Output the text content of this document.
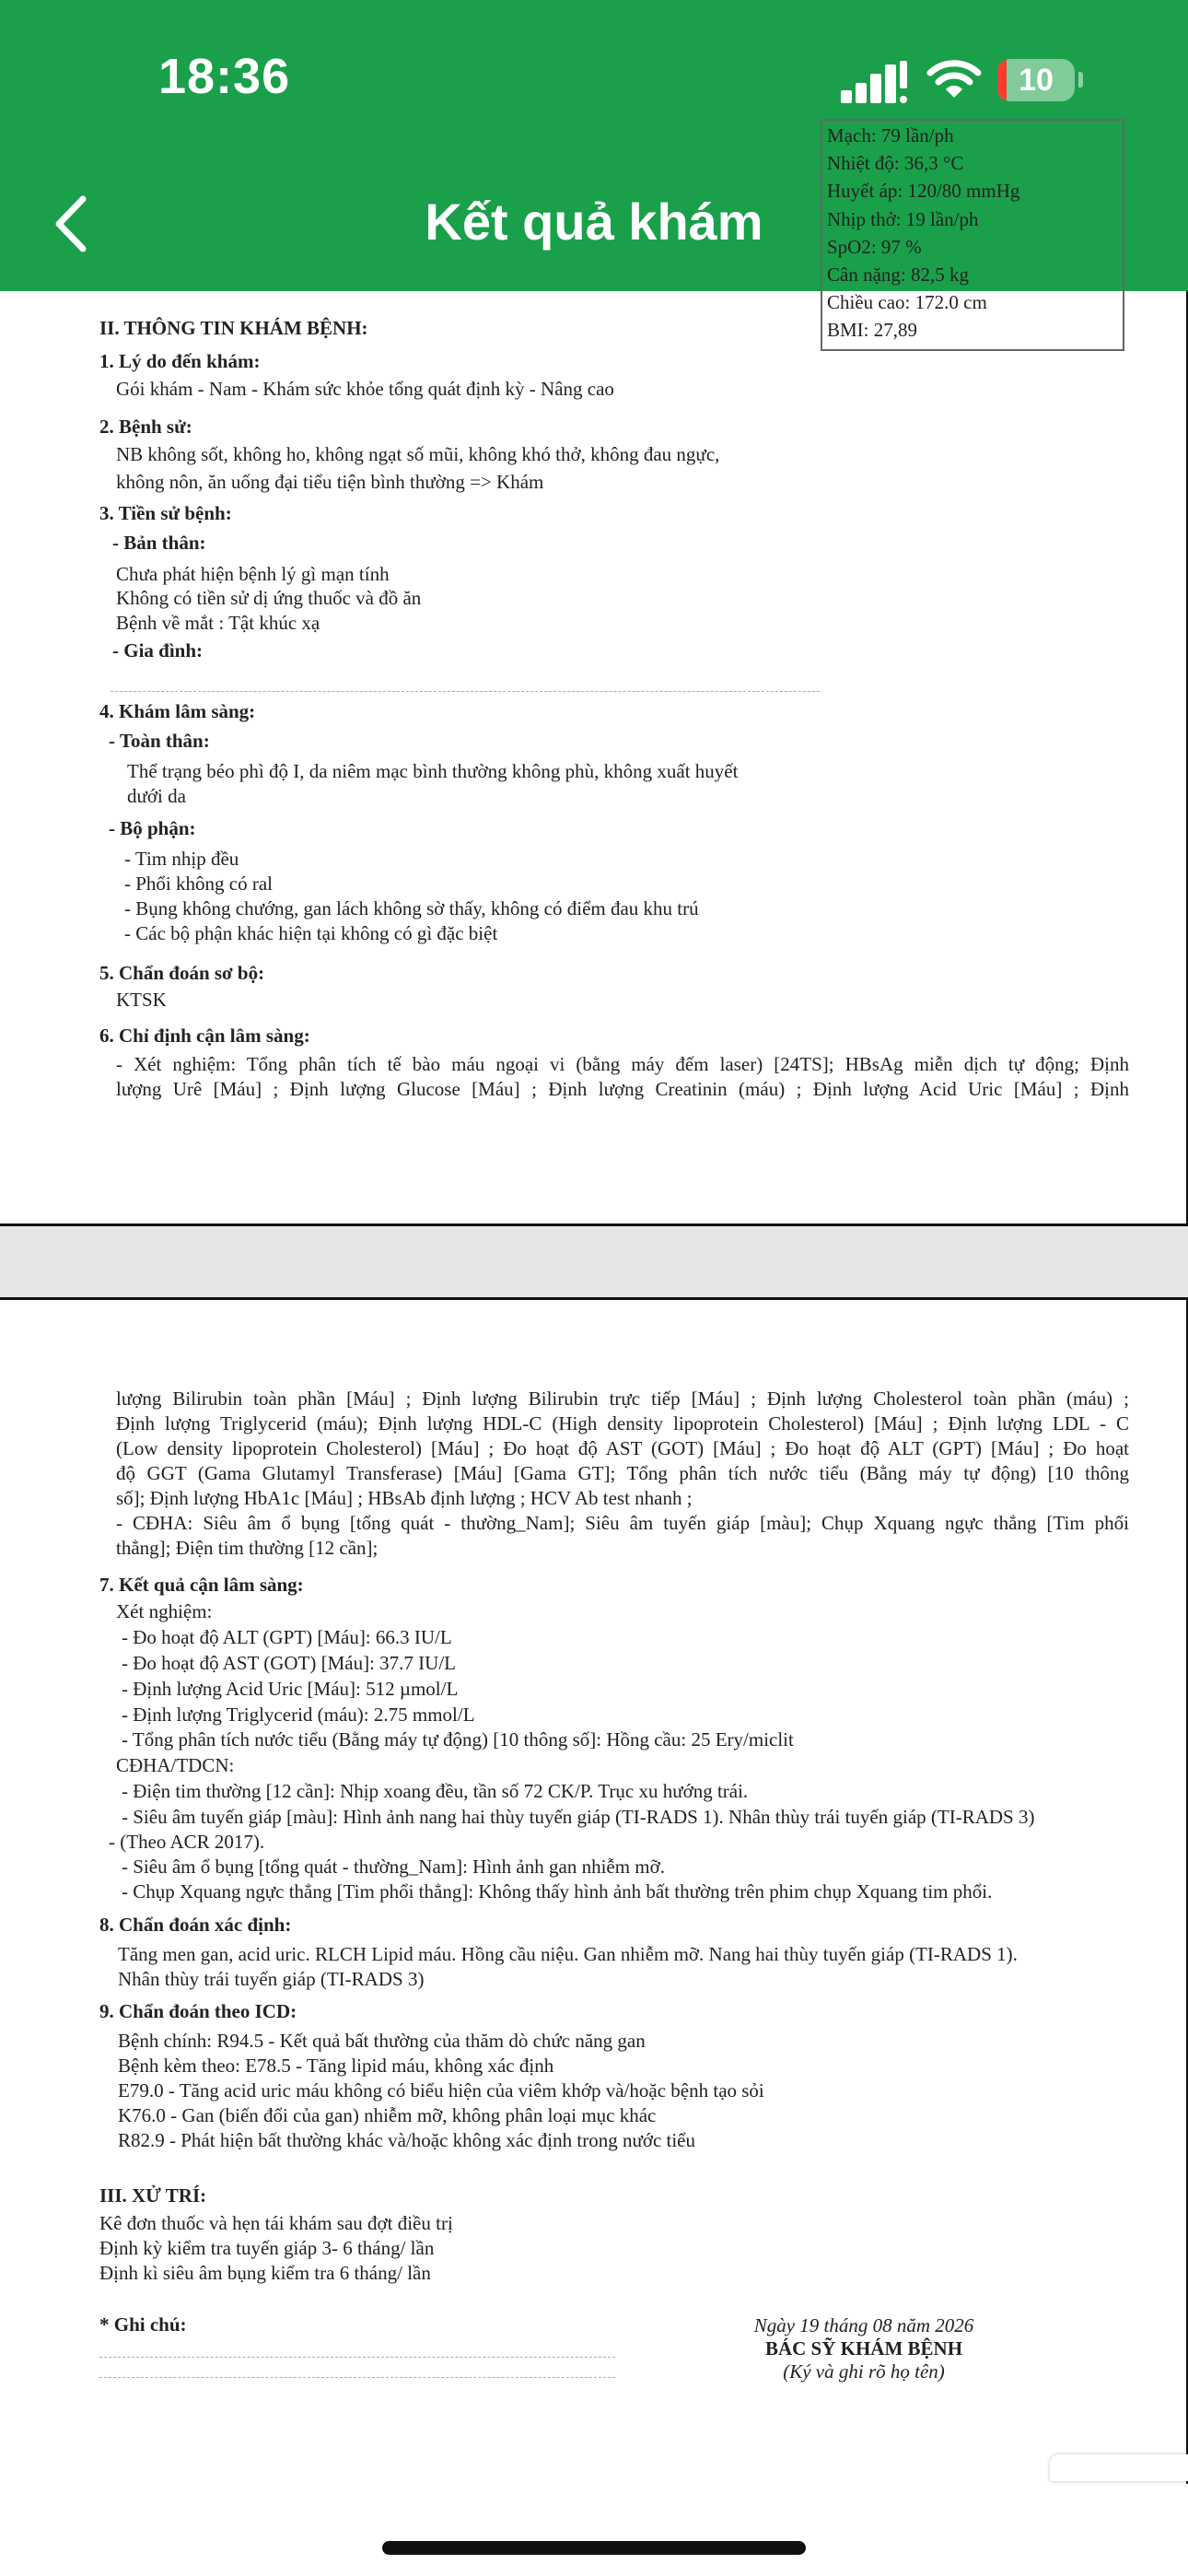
18:36	10
Kết quả khám
II. THÔNG TIN KHÁM BỆNH:
1. Lý do đến khám:
Gói khám - Nam - Khám sức khỏe tổng quát định kỳ - Nâng cao
2. Bệnh sử:
NB không sốt, không ho, không ngạt số mũi, không khó thở, không đau ngực,
không nôn, ăn uống đại tiểu tiện bình thường => Khám
3. Tiền sử bệnh:
- Bản thân:
Chưa phát hiện bệnh lý gì mạn tính
Không có tiền sử dị ứng thuốc và đồ ăn
Bệnh về mắt : Tật khúc xạ
- Gia đình:
4. Khám lâm sàng:
- Toàn thân:
Thể trạng béo phì độ I, da niêm mạc bình thường không phù, không xuất huyết
dưới da
- Bộ phận:
- Tim nhịp đều
- Phổi không có ral
- Bụng không chướng, gan lách không sờ thấy, không có điểm đau khu trú
- Các bộ phận khác hiện tại không có gì đặc biệt
5. Chẩn đoán sơ bộ:
KTSK
6. Chỉ định cận lâm sàng:
- Xét nghiệm: Tổng phân tích tế bào máu ngoại vi (bằng máy đếm laser) [24TS]; HBsAg miễn dịch tự động; Định
lượng Urê [Máu] ; Định lượng Glucose [Máu] ; Định lượng Creatinin (máu) ; Định lượng Acid Uric [Máu] ; Định
Mạch: 79 lần/ph
Nhiệt độ: 36,3 °C
Huyết áp: 120/80 mmHg
Nhịp thở: 19 lần/ph
SpO2: 97 %
Cân nặng: 82,5 kg
Chiều cao: 172.0 cm
BMI: 27,89
lượng Bilirubin toàn phần [Máu] ; Định lượng Bilirubin trực tiếp [Máu] ; Định lượng Cholesterol toàn phần (máu) ;
Định lượng Triglycerid (máu); Định lượng HDL-C (High density lipoprotein Cholesterol) [Máu] ; Định lượng LDL - C
(Low density lipoprotein Cholesterol) [Máu] ; Đo hoạt độ AST (GOT) [Máu] ; Đo hoạt độ ALT (GPT) [Máu] ; Đo hoạt
độ GGT (Gama Glutamyl Transferase) [Máu] [Gama GT]; Tổng phân tích nước tiểu (Bằng máy tự động) [10 thông
số]; Định lượng HbA1c [Máu] ; HBsAb định lượng ; HCV Ab test nhanh ;
- CĐHA: Siêu âm ổ bụng [tổng quát - thường_Nam]; Siêu âm tuyến giáp [màu]; Chụp Xquang ngực thẳng [Tim phổi
thẳng]; Điện tim thường [12 cần];
7. Kết quả cận lâm sàng:
Xét nghiệm:
- Đo hoạt độ ALT (GPT) [Máu]: 66.3 IU/L
- Đo hoạt độ AST (GOT) [Máu]: 37.7 IU/L
- Định lượng Acid Uric [Máu]: 512 µmol/L
- Định lượng Triglycerid (máu): 2.75 mmol/L
- Tổng phân tích nước tiểu (Bằng máy tự động) [10 thông số]: Hồng cầu: 25 Ery/miclit
CĐHA/TDCN:
- Điện tim thường [12 cần]: Nhịp xoang đều, tần số 72 CK/P. Trục xu hướng trái.
- Siêu âm tuyến giáp [màu]: Hình ảnh nang hai thùy tuyến giáp (TI-RADS 1). Nhân thùy trái tuyến giáp (TI-RADS 3)
- (Theo ACR 2017).
- Siêu âm ổ bụng [tổng quát - thường_Nam]: Hình ảnh gan nhiễm mỡ.
- Chụp Xquang ngực thẳng [Tim phổi thẳng]: Không thấy hình ảnh bất thường trên phim chụp Xquang tim phổi.
8. Chẩn đoán xác định:
Tăng men gan, acid uric. RLCH Lipid máu. Hồng cầu niệu. Gan nhiễm mỡ. Nang hai thùy tuyến giáp (TI-RADS 1).
Nhân thùy trái tuyến giáp (TI-RADS 3)
9. Chẩn đoán theo ICD:
Bệnh chính: R94.5 - Kết quả bất thường của thăm dò chức năng gan
Bệnh kèm theo: E78.5 - Tăng lipid máu, không xác định
E79.0 - Tăng acid uric máu không có biểu hiện của viêm khớp và/hoặc bệnh tạo sỏi
K76.0 - Gan (biến đổi của gan) nhiễm mỡ, không phân loại mục khác
R82.9 - Phát hiện bất thường khác và/hoặc không xác định trong nước tiểu
III. XỬ TRÍ:
Kê đơn thuốc và hẹn tái khám sau đợt điều trị
Định kỳ kiểm tra tuyến giáp 3- 6 tháng/ lần
Định kì siêu âm bụng kiểm tra 6 tháng/ lần
* Ghi chú:	Ngày 19 tháng 08 năm 2026
BÁC SỸ KHÁM BỆNH
(Ký và ghi rõ họ tên)
